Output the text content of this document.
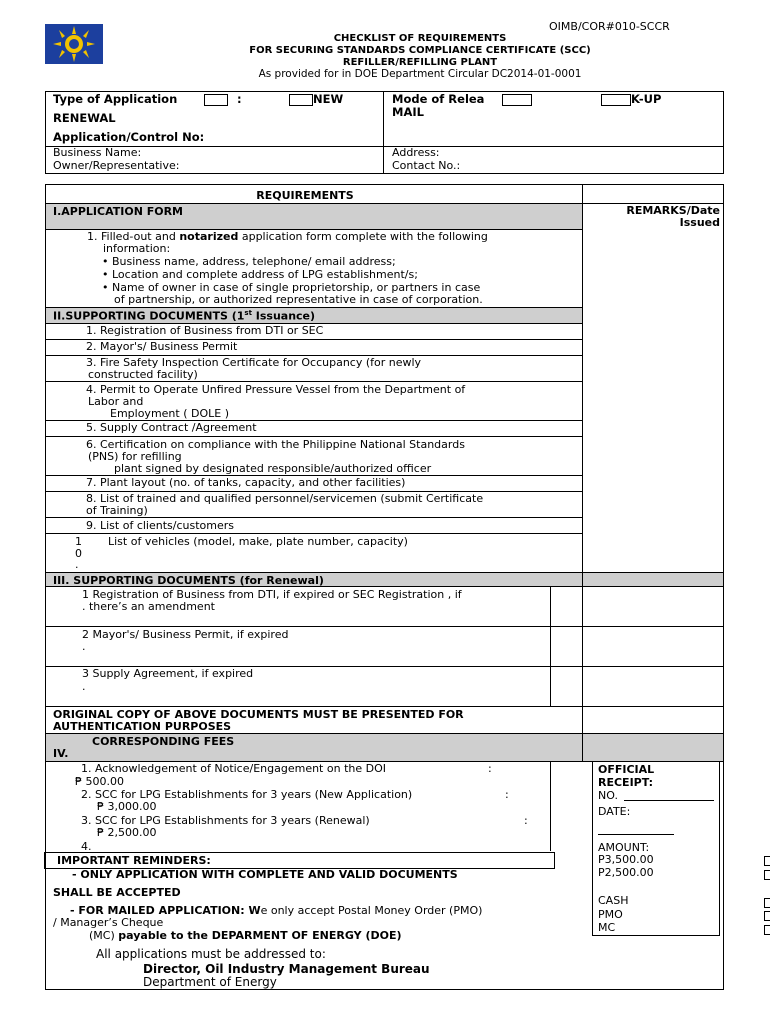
OIMB/COR#010-SCCR
CHECKLIST OF REQUIREMENTS
FOR SECURING STANDARDS COMPLIANCE CERTIFICATE (SCC)
REFILLER/REFILLING PLANT
As provided for in DOE Department Circular DC2014-01-0001
Type of Application	:	NEW
RENEWAL
Application/Control No:
Mode of Relea	K-UP
MAIL
Business Name:
Owner/Representative:
Address:
Contact No.:
REQUIREMENTS
I.APPLICATION FORM	REMARKS/Date Issued
1. Filled-out and notarized application form complete with the following
information:
• Business name, address, telephone/ email address;
• Location and complete address of LPG establishment/s;
• Name of owner in case of single proprietorship, or partners in case
of partnership, or authorized representative in case of corporation.
II.SUPPORTING DOCUMENTS (1st Issuance)
1. Registration of Business from DTI or SEC
2. Mayor's/ Business Permit
3. Fire Safety Inspection Certificate for Occupancy (for newly
constructed facility)
4. Permit to Operate Unfired Pressure Vessel from the Department of
Labor and
Employment ( DOLE )
5. Supply Contract /Agreement
6. Certification on compliance with the Philippine National Standards
(PNS) for refilling
plant signed by designated responsible/authorized officer
7. Plant layout (no. of tanks, capacity, and other facilities)
8. List of trained and qualified personnel/servicemen (submit Certificate
of Training)
9. List of clients/customers
1
0
.
List of vehicles (model, make, plate number, capacity)
III. SUPPORTING DOCUMENTS (for Renewal)
1 Registration of Business from DTI, if expired or SEC Registration , if
. there’s an amendment
2 Mayor's/ Business Permit, if expired
.
3 Supply Agreement, if expired
.
ORIGINAL COPY OF ABOVE DOCUMENTS MUST BE PRESENTED FOR
AUTHENTICATION PURPOSES
CORRESPONDING FEES
IV.
1. Acknowledgement of Notice/Engagement on the DOI	:
₱ 500.00
2. SCC for LPG Establishments for 3 years (New Application)	:
₱ 3,000.00
3. SCC for LPG Establishments for 3 years (Renewal)	:
₱ 2,500.00
4.
OFFICIAL
RECEIPT:
NO.
DATE:
AMOUNT:
P3,500.00
P2,500.00
CASH
PMO
MC
IMPORTANT REMINDERS:
- ONLY APPLICATION WITH COMPLETE AND VALID DOCUMENTS
SHALL BE ACCEPTED
- FOR MAILED APPLICATION: We only accept Postal Money Order (PMO)
/ Manager’s Cheque
(MC) payable to the DEPARMENT OF ENERGY (DOE)
All applications must be addressed to:
Director, Oil Industry Management Bureau
Department of Energy
